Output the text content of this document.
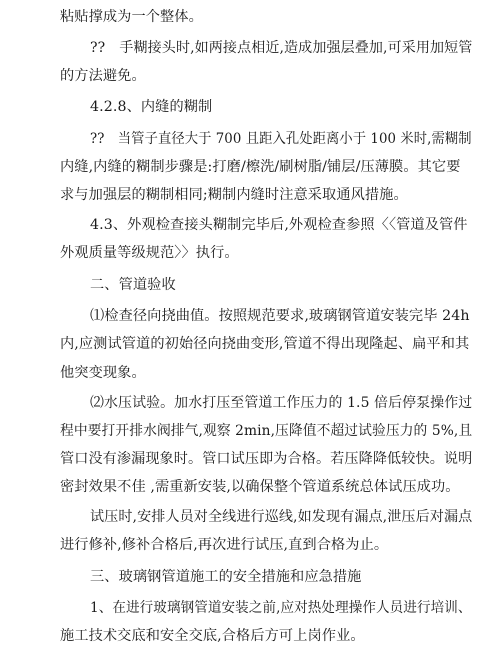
粘贴撑成为一个整体。
??　手糊接头时,如两接点相近,造成加强层叠加,可采用加短管
的方法避免。
4.2.8、内缝的糊制
??　当管子直径大于 700 且距入孔处距离小于 100 米时,需糊制
内缝,内缝的糊制步骤是:打磨/檫洗/刷树脂/铺层/压薄膜。其它要
求与加强层的糊制相同;糊制内缝时注意采取通风措施。
4.3、外观检查接头糊制完毕后,外观检查参照〈〈管道及管件
外观质量等级规范〉〉执行。
二、管道验收
⑴检查径向挠曲值。按照规范要求,玻璃钢管道安装完毕 24h
内,应测试管道的初始径向挠曲变形,管道不得出现隆起、扁平和其
他突变现象。
⑵水压试验。加水打压至管道工作压力的 1.5 倍后停泵操作过
程中要打开排水阀排气,观察 2min,压降值不超过试验压力的 5%,且
管口没有渗漏现象时。管口试压即为合格。若压降降低较快。说明
密封效果不佳 ,需重新安装,以确保整个管道系统总体试压成功。
试压时,安排人员对全线进行巡线,如发现有漏点,泄压后对漏点
进行修补,修补合格后,再次进行试压,直到合格为止。
三、玻璃钢管道施工的安全措施和应急措施
1、在进行玻璃钢管道安装之前,应对热处理操作人员进行培训、
施工技术交底和安全交底,合格后方可上岗作业。
